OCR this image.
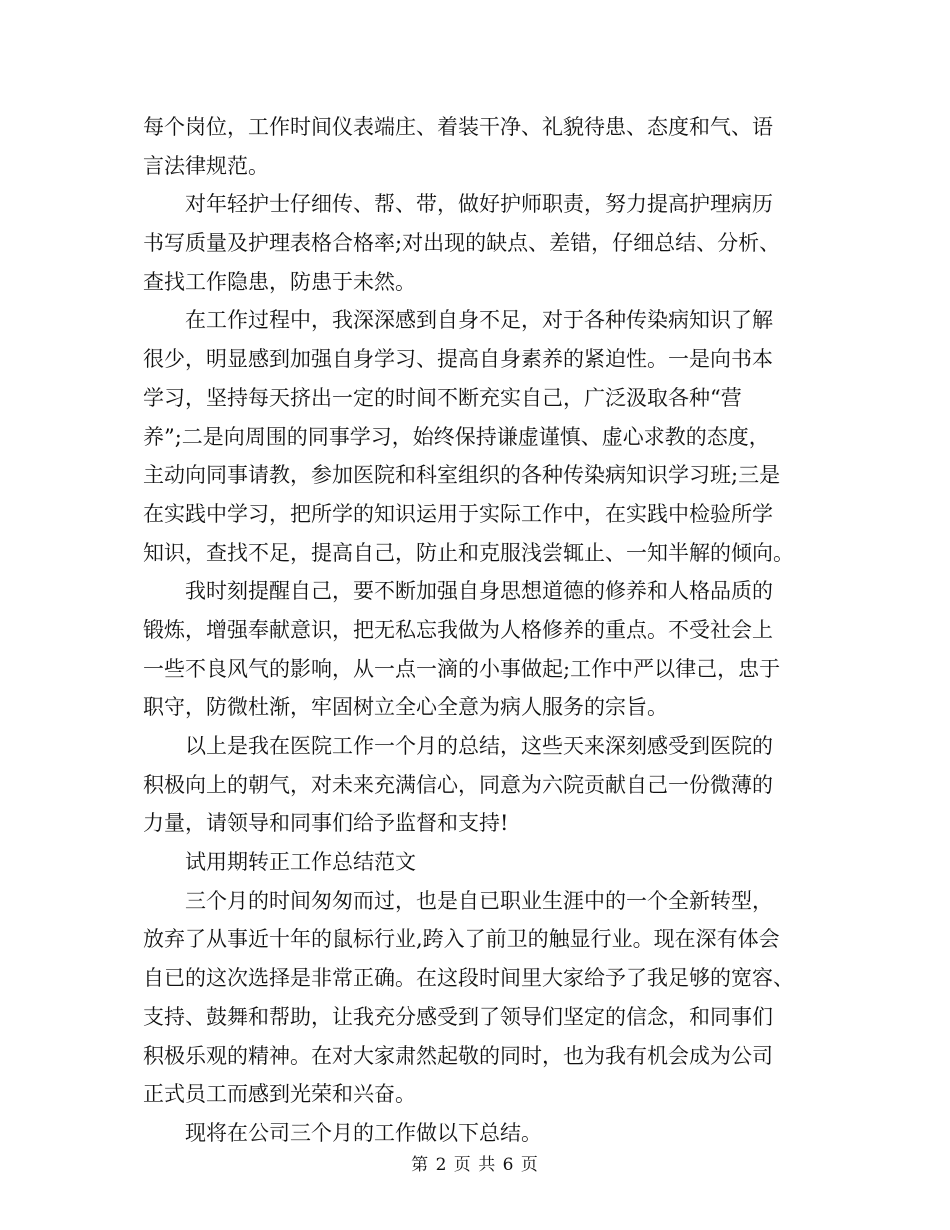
每个岗位，工作时间仪表端庄、着装干净、礼貌待患、态度和气、语
言法律规范。
对年轻护士仔细传、帮、带，做好护师职责，努力提高护理病历
书写质量及护理表格合格率;对出现的缺点、差错，仔细总结、分析、
查找工作隐患，防患于未然。
在工作过程中，我深深感到自身不足，对于各种传染病知识了解
很少，明显感到加强自身学习、提高自身素养的紧迫性。一是向书本
学习，坚持每天挤出一定的时间不断充实自己，广泛汲取各种“营
养”;二是向周围的同事学习，始终保持谦虚谨慎、虚心求教的态度，
主动向同事请教，参加医院和科室组织的各种传染病知识学习班;三是
在实践中学习，把所学的知识运用于实际工作中，在实践中检验所学
知识，查找不足，提高自己，防止和克服浅尝辄止、一知半解的倾向。
我时刻提醒自己，要不断加强自身思想道德的修养和人格品质的
锻炼，增强奉献意识，把无私忘我做为人格修养的重点。不受社会上
一些不良风气的影响，从一点一滴的小事做起;工作中严以律己，忠于
职守，防微杜渐，牢固树立全心全意为病人服务的宗旨。
以上是我在医院工作一个月的总结，这些天来深刻感受到医院的
积极向上的朝气，对未来充满信心，同意为六院贡献自己一份微薄的
力量，请领导和同事们给予监督和支持!
试用期转正工作总结范文
三个月的时间匆匆而过，也是自已职业生涯中的一个全新转型，
放弃了从事近十年的鼠标行业,跨入了前卫的触显行业。现在深有体会
自已的这次选择是非常正确。在这段时间里大家给予了我足够的宽容、
支持、鼓舞和帮助，让我充分感受到了领导们坚定的信念，和同事们
积极乐观的精神。在对大家肃然起敬的同时，也为我有机会成为公司
正式员工而感到光荣和兴奋。
现将在公司三个月的工作做以下总结。
第 2 页 共 6 页
